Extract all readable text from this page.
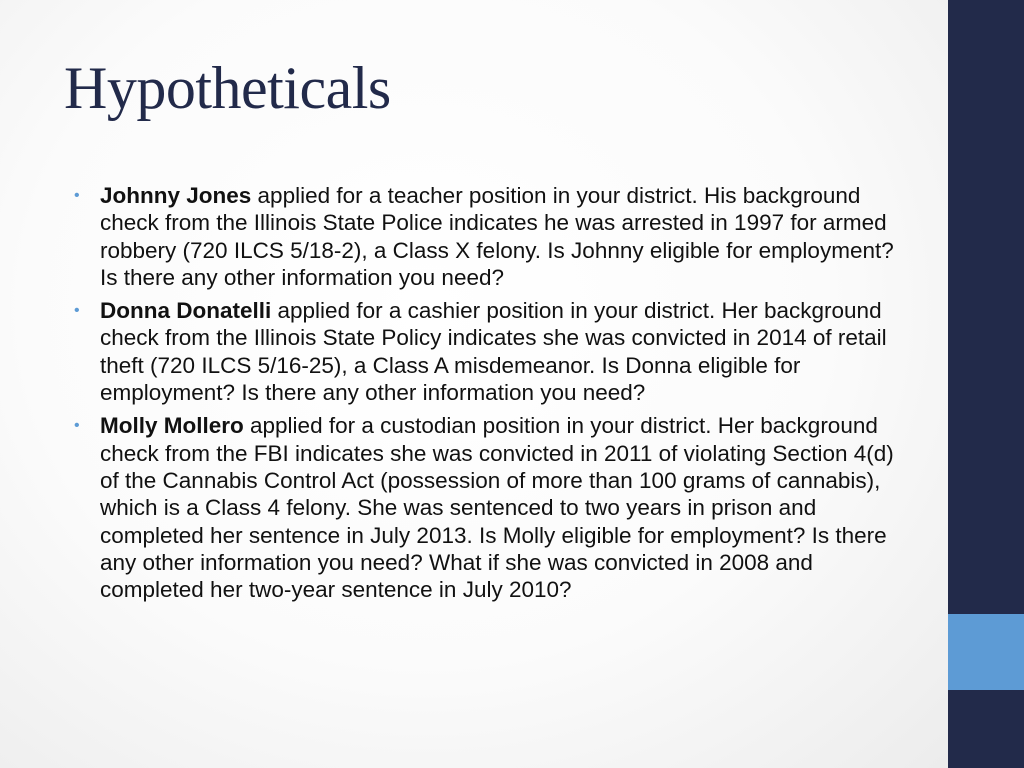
Hypotheticals
• Johnny Jones applied for a teacher position in your district. His background check from the Illinois State Police indicates he was arrested in 1997 for armed robbery (720 ILCS 5/18-2), a Class X felony. Is Johnny eligible for employment? Is there any other information you need?
• Donna Donatelli applied for a cashier position in your district. Her background check from the Illinois State Policy indicates she was convicted in 2014 of retail theft (720 ILCS 5/16-25), a Class A misdemeanor. Is Donna eligible for employment? Is there any other information you need?
• Molly Mollero applied for a custodian position in your district. Her background check from the FBI indicates she was convicted in 2011 of violating Section 4(d) of the Cannabis Control Act (possession of more than 100 grams of cannabis), which is a Class 4 felony. She was sentenced to two years in prison and completed her sentence in July 2013. Is Molly eligible for employment? Is there any other information you need? What if she was convicted in 2008 and completed her two-year sentence in July 2010?
